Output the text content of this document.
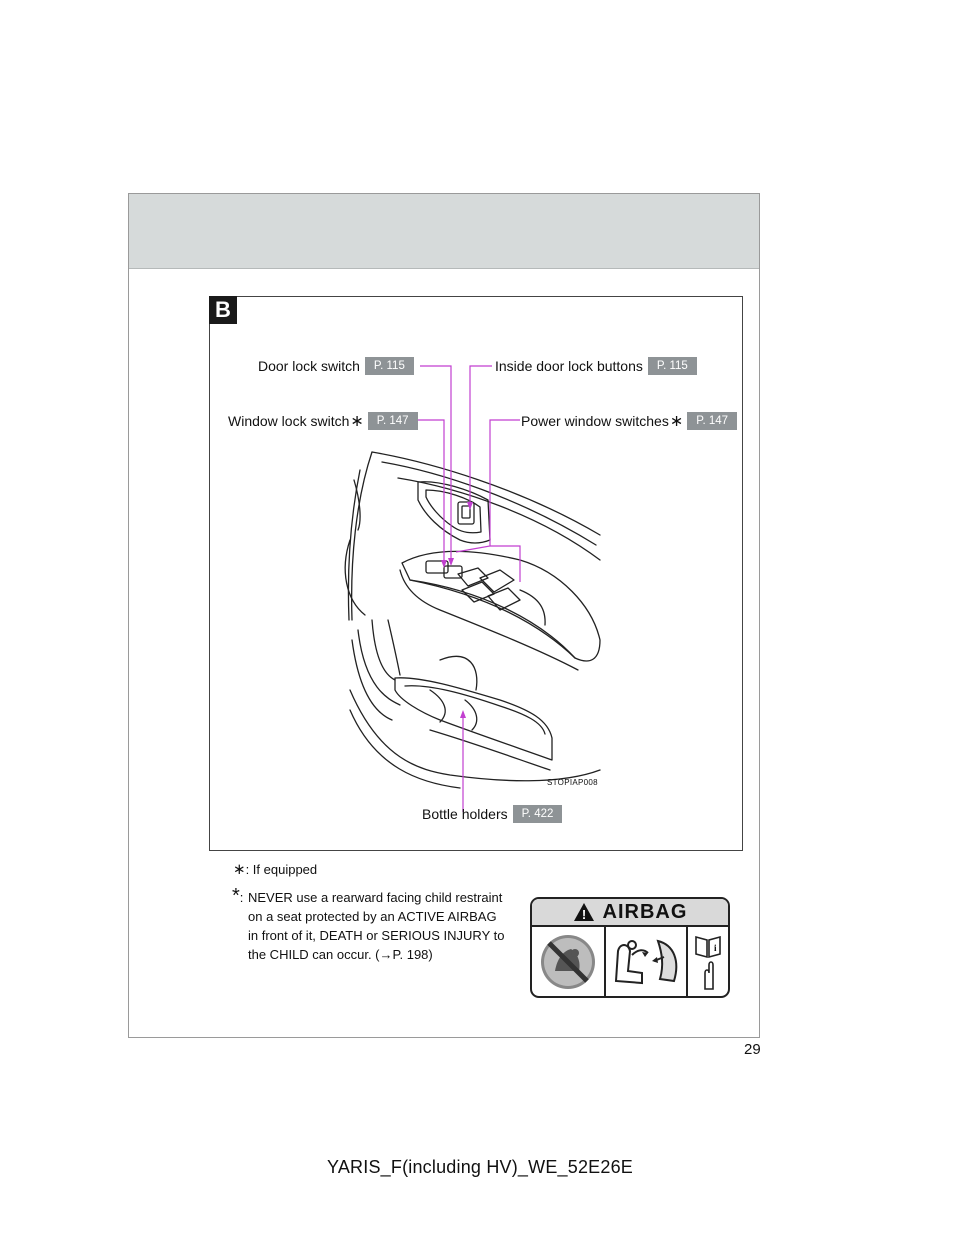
B
Door lock switch	P. 115	Inside door lock buttons	P. 115
Window lock switch ∗	P. 147	Power window switches ∗	P. 147
Bottle holders	P. 422
STOPIAP008
∗: If equipped
*: NEVER use a rearward facing child restraint
on a seat protected by an ACTIVE AIRBAG
in front of it, DEATH or SERIOUS INJURY to
the CHILD can occur. (→P. 198)
! AIRBAG
i
29
YARIS_F(including HV)_WE_52E26E
